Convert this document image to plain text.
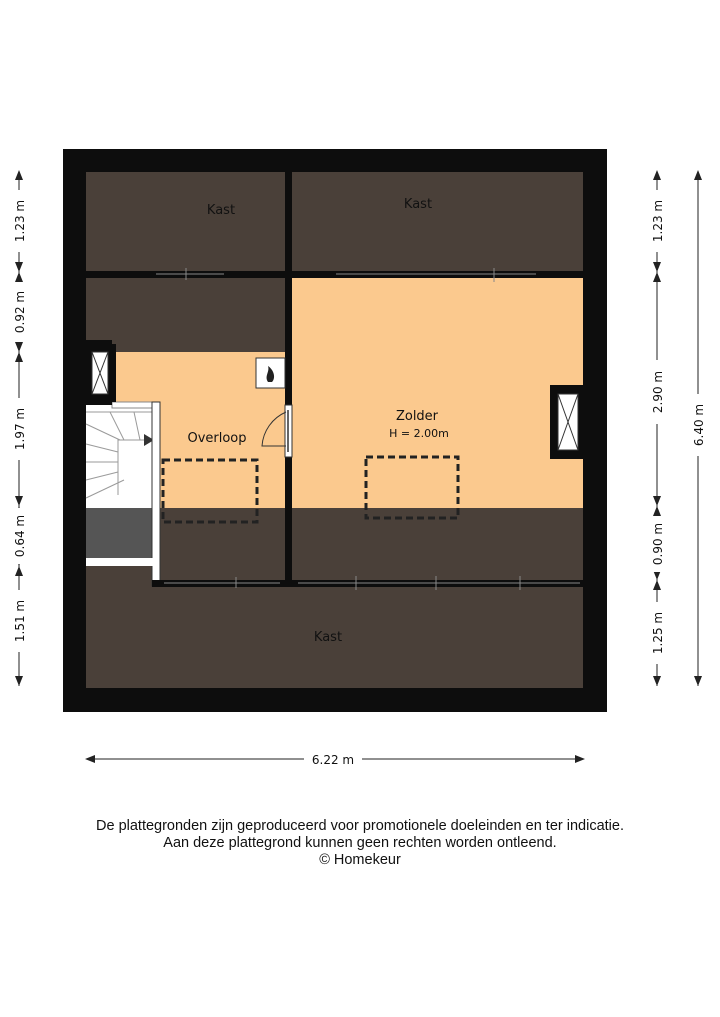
Kast	Kast
Kast
Overloop
Zolder
H = 2.00m
1.23 m
0.92 m
1.97 m
0.64 m
1.51 m
1.23 m
2.90 m
0.90 m
1.25 m
6.40 m
6.22 m
De plattegronden zijn geproduceerd voor promotionele doeleinden en ter indicatie.
Aan deze plattegrond kunnen geen rechten worden ontleend.
© Homekeur
